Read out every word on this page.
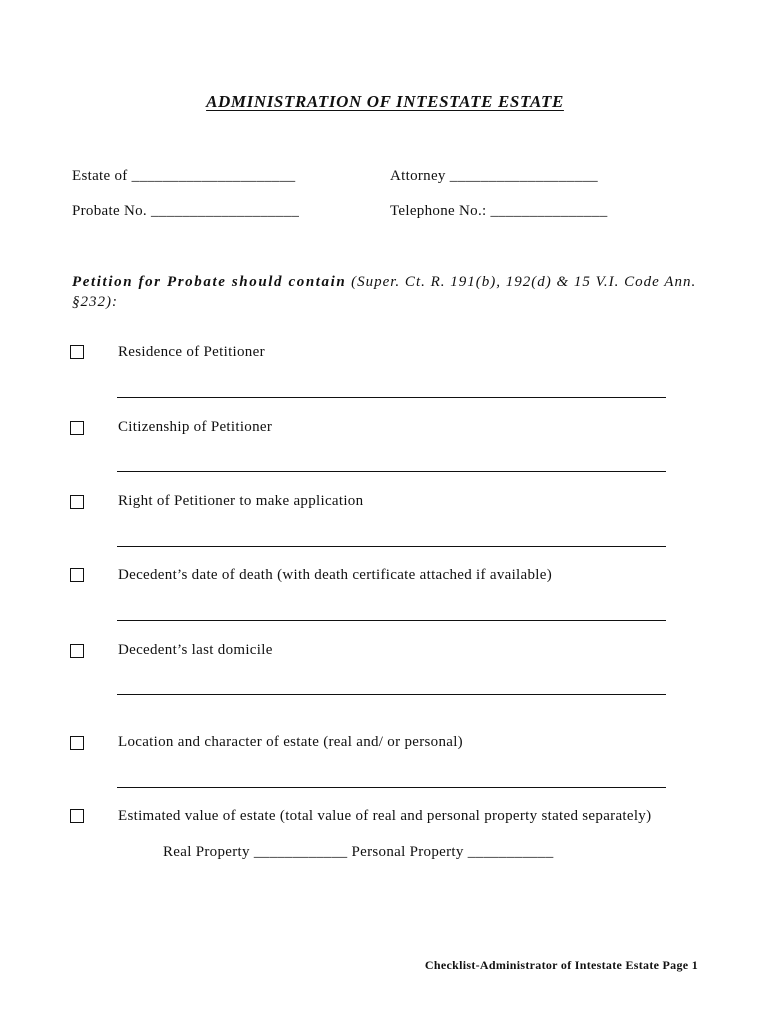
ADMINISTRATION OF INTESTATE ESTATE
Estate of _____________________	Attorney ___________________
Probate No. ___________________	Telephone No.: _______________
Petition for Probate should contain (Super. Ct. R. 191(b), 192(d) & 15 V.I. Code Ann. §232):
Residence of Petitioner
Citizenship of Petitioner
Right of Petitioner to make application
Decedent’s date of death (with death certificate attached if available)
Decedent’s last domicile
Location and character of estate (real and/ or personal)
Estimated value of estate (total value of real and personal property stated separately)
Real Property ____________ Personal Property ___________
Checklist-Administrator of Intestate Estate Page 1
